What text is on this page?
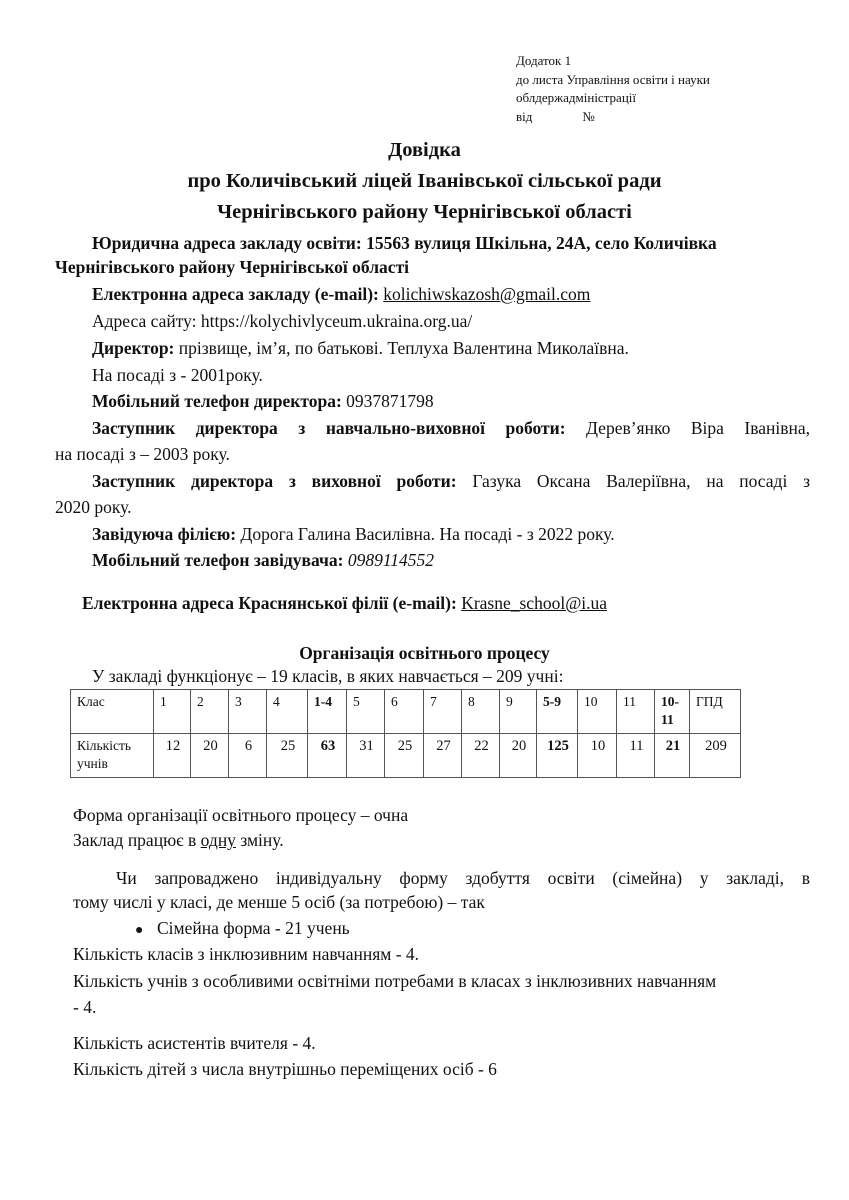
Додаток 1
до листа Управління освіти і науки
облдержадміністрації
від	№
Довідка
про Количівський ліцей Іванівської сільської ради
Чернігівського району Чернігівської області
Юридична адреса закладу освіти: 15563 вулиця Шкільна, 24А, село Количівка
Чернігівського району Чернігівської області
Електронна адреса закладу (e-mail): kolichiwskazosh@gmail.com
Адреса сайту: https://kolychivlyceum.ukraina.org.ua/
Директор: прізвище, ім’я, по батькові. Теплуха Валентина Миколаївна.
На посаді з - 2001року.
Мобільний телефон директора: 0937871798
Заступник директора з навчально-виховної роботи: Дерев’янко Віра Іванівна,
на посаді з – 2003 року.
Заступник директора з виховної роботи: Газука Оксана Валеріївна, на посаді з
2020 року.
Завідуюча філією: Дорога Галина Василівна. На посаді - з 2022 року.
Мобільний телефон завідувача: 0989114552
Електронна адреса Краснянської філії (e-mail): Krasne_school@i.ua
Організація освітнього процесу
У закладі функціонує – 19 класів, в яких навчається – 209 учні:
Клас	1	2	3	4	1-4	5	6	7	8	9	5-9	10	11	10-
11	ГПД
Кількість учнів	12	20	6	25	63	31	25	27	22	20	125	10	11	21	209
Форма організації освітнього процесу – очна
Заклад працює в одну зміну.
Чи запроваджено індивідуальну форму здобуття освіти (сімейна) у закладі, в
тому числі у класі, де менше 5 осіб (за потребою) – так
● Сімейна форма - 21 учень
Кількість класів з інклюзивним навчанням - 4.
Кількість учнів з особливими освітніми потребами в класах з інклюзивних навчанням
- 4.
Кількість асистентів вчителя - 4.
Кількість дітей з числа внутрішньо переміщених осіб - 6
